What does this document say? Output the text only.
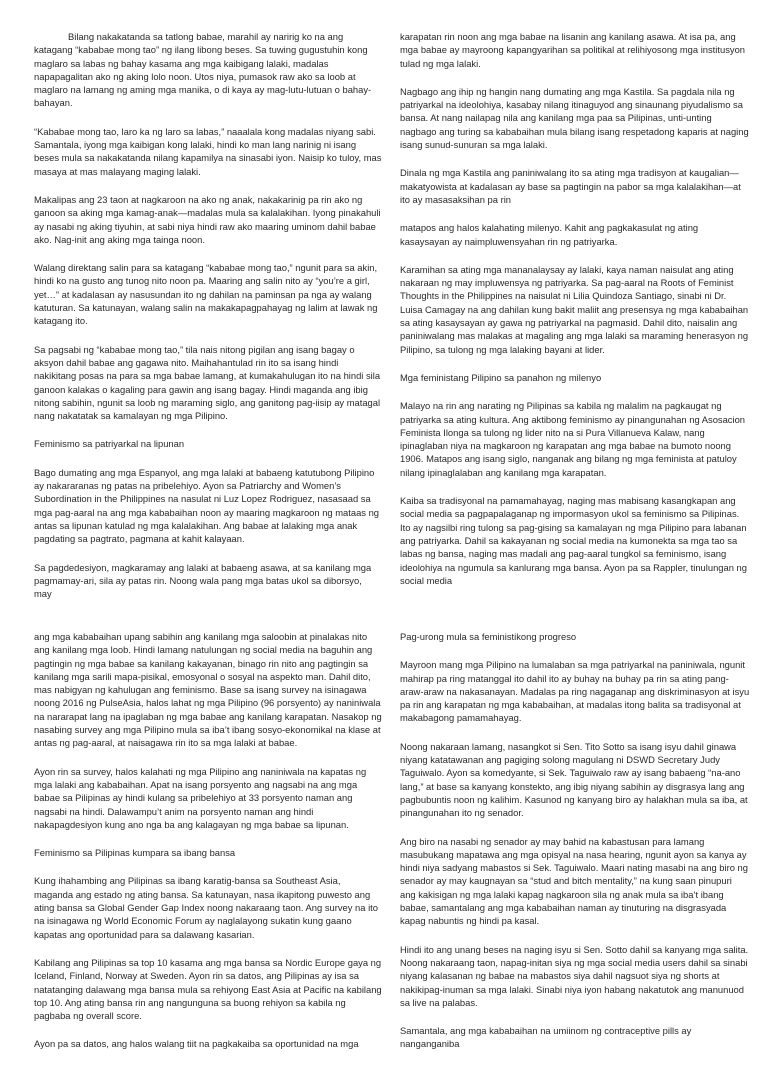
Bilang nakakatanda sa tatlong babae, marahil ay naririg ko na ang katagang “kababae mong tao” ng ilang libong beses. Sa tuwing gugustuhin kong maglaro sa labas ng bahay kasama ang mga kaibigang lalaki, madalas napapagalitan ako ng aking lolo noon. Utos niya, pumasok raw ako sa loob at maglaro na lamang ng aming mga manika, o di kaya ay mag-lutu-lutuan o bahay-bahayan.

“Kababae mong tao, laro ka ng laro sa labas,” naaalala kong madalas niyang sabi. Samantala, iyong mga kaibigan kong lalaki, hindi ko man lang narinig ni isang beses mula sa nakakatanda nilang kapamilya na sinasabi iyon. Naisip ko tuloy, mas masaya at mas malayang maging lalaki.

Makalipas ang 23 taon at nagkaroon na ako ng anak, nakakarinig pa rin ako ng ganoon sa aking mga kamag-anak—madalas mula sa kalalakihan. Iyong pinakahuli ay nasabi ng aking tiyuhin, at sabi niya hindi raw ako maaring uminom dahil babae ako. Nag-init ang aking mga tainga noon.

Walang direktang salin para sa katagang “kababae mong tao,” ngunit para sa akin, hindi ko na gusto ang tunog nito noon pa. Maaring ang salin nito ay “you’re a girl, yet…” at kadalasan ay nasusundan ito ng dahilan na paminsan pa nga ay walang katuturan. Sa katunayan, walang salin na makakapagpahayag ng lalim at lawak ng katagang ito.

Sa pagsabi ng “kababae mong tao,” tila nais nitong pigilan ang isang bagay o aksyon dahil babae ang gagawa nito. Maihahantulad rin ito sa isang hindi nakikitang posas na para sa mga babae lamang, at kumakahulugan ito na hindi sila ganoon kalakas o kagaling para gawin ang isang bagay. Hindi maganda ang ibig nitong sabihin, ngunit sa loob ng maraming siglo, ang ganitong pag-iisip ay matagal nang nakatatak sa kamalayan ng mga Pilipino.

Feminismo sa patriyarkal na lipunan

Bago dumating ang mga Espanyol, ang mga lalaki at babaeng katutubong Pilipino ay nakararanas ng patas na pribelehiyo. Ayon sa Patriarchy and Women’s Subordination in the Philippines na nasulat ni Luz Lopez Rodriguez, nasasaad sa mga pag-aaral na ang mga kababaihan noon ay maaring magkaroon ng mataas ng antas sa lipunan katulad ng mga kalalakihan. Ang babae at lalaking mga anak pagdating sa pagtrato, pagmana at kahit kalayaan.

Sa pagdedesiyon, magkaramay ang lalaki at babaeng asawa, at sa kanilang mga pagmamay-ari, sila ay patas rin. Noong wala pang mga batas ukol sa diborsyo, may

karapatan rin noon ang mga babae na lisanin ang kanilang asawa. At isa pa, ang mga babae ay mayroong kapangyarihan sa politikal at relihiyosong mga institusyon tulad ng mga lalaki.

Nagbago ang ihip ng hangin nang dumating ang mga Kastila. Sa pagdala nila ng patriyarkal na ideolohiya, kasabay nilang itinaguyod ang sinaunang piyudalismo sa bansa. At nang nailapag nila ang kanilang mga paa sa Pilipinas, unti-unting nagbago ang turing sa kababaihan mula bilang isang respetadong kaparis at naging isang sunud-sunuran sa mga lalaki.

Dinala ng mga Kastila ang paniniwalang ito sa ating mga tradisyon at kaugalian—makatyowista at kadalasan ay base sa pagtingin na pabor sa mga kalalakihan—at ito ay masasaksihan pa rin

matapos ang halos kalahating milenyo. Kahit ang pagkakasulat ng ating kasaysayan ay naimpluwensyahan rin ng patriyarka.

Karamihan sa ating mga mananalaysay ay lalaki, kaya naman naisulat ang ating nakaraan ng may impluwensya ng patriyarka. Sa pag-aaral na Roots of Feminist Thoughts in the Philippines na naisulat ni Lilia Quindoza Santiago, sinabi ni Dr. Luisa Camagay na ang dahilan kung bakit maliit ang presensya ng mga kababaihan sa ating kasaysayan ay gawa ng patriyarkal na pagmasid. Dahil dito, naisalin ang paniniwalang mas malakas at magaling ang mga lalaki sa maraming henerasyon ng Pilipino, sa tulong ng mga lalaking bayani at lider.

Mga feministang Pilipino sa panahon ng milenyo

Malayo na rin ang narating ng Pilipinas sa kabila ng malalim na pagkaugat ng patriyarka sa ating kultura. Ang aktibong feminismo ay pinangunahan ng Asosacion Feminista Ilonga sa tulong ng lider nito na si Pura Villanueva Kalaw, nang ipinaglaban niya na magkaroon ng karapatan ang mga babae na bumoto noong 1906. Matapos ang isang siglo, nanganak ang bilang ng mga feminista at patuloy nilang ipinaglalaban ang kanilang mga karapatan.

Kaiba sa tradisyonal na pamamahayag, naging mas mabisang kasangkapan ang social media sa pagpapalaganap ng impormasyon ukol sa feminismo sa Pilipinas. Ito ay nagsilbi ring tulong sa pag-gising sa kamalayan ng mga Pilipino para labanan ang patriyarka. Dahil sa kakayanan ng social media na kumonekta sa mga tao sa labas ng bansa, naging mas madali ang pag-aaral tungkol sa feminismo, isang ideolohiya na ngumula sa kanlurang mga bansa. Ayon pa sa Rappler, tinulungan ng social media

ang mga kababaihan upang sabihin ang kanilang mga saloobin at pinalakas nito ang kanilang mga loob. Hindi lamang natulungan ng social media na baguhin ang pagtingin ng mga babae sa kanilang kakayanan, binago rin nito ang pagtingin sa kanilang mga sarili mapa-pisikal, emosyonal o sosyal na aspekto man. Dahil dito, mas nabigyan ng kahulugan ang feminismo. Base sa isang survey na isinagawa noong 2016 ng PulseAsia, halos lahat ng mga Pilipino (96 porsyento) ay naniniwala na nararapat lang na ipaglaban ng mga babae ang kanilang karapatan. Nasakop ng nasabing survey ang mga Pilipino mula sa iba’t ibang sosyo-ekonomikal na klase at antas ng pag-aaral, at naisagawa rin ito sa mga lalaki at babae.

Ayon rin sa survey, halos kalahati ng mga Pilipino ang naniniwala na kapatas ng mga lalaki ang kababaihan. Apat na isang porsyento ang nagsabi na ang mga babae sa Pilipinas ay hindi kulang sa pribelehiyo at 33 porsyento naman ang nagsabi na hindi. Dalawampu’t anim na porsyento naman ang hindi nakapagdesiyon kung ano nga ba ang kalagayan ng mga babae sa lipunan.

Feminismo sa Pilipinas kumpara sa ibang bansa

Kung ihahambing ang Pilipinas sa ibang karatig-bansa sa Southeast Asia, maganda ang estado ng ating bansa. Sa katunayan, nasa ikapitong puwesto ang ating bansa sa Global Gender Gap Index noong nakaraang taon. Ang survey na ito na isinagawa ng World Economic Forum ay naglalayong sukatin kung gaano kapatas ang oportunidad para sa dalawang kasarian.

Kabilang ang Pilipinas sa top 10 kasama ang mga bansa sa Nordic Europe gaya ng Iceland, Finland, Norway at Sweden. Ayon rin sa datos, ang Pilipinas ay isa sa natatanging dalawang mga bansa mula sa rehiyong East Asia at Pacific na kabilang top 10. Ang ating bansa rin ang nangunguna sa buong rehiyon sa kabila ng pagbaba ng overall score.

Ayon pa sa datos, ang halos walang tiit na pagkakaiba sa oportunidad na mga

Pag-urong mula sa feministikong progreso

Mayroon mang mga Pilipino na lumalaban sa mga patriyarkal na paniniwala, ngunit mahirap pa ring matanggal ito dahil ito ay buhay na buhay pa rin sa ating pang-araw-araw na nakasanayan. Madalas pa ring nagaganap ang diskriminasyon at isyu pa rin ang karapatan ng mga kababaihan, at madalas itong balita sa tradisyonal at makabagong pamamahayag.

Noong nakaraan lamang, nasangkot si Sen. Tito Sotto sa isang isyu dahil ginawa niyang katatawanan ang pagiging solong magulang ni DSWD Secretary Judy Taguiwalo. Ayon sa komedyante, si Sek. Taguiwalo raw ay isang babaeng “na-ano lang,” at base sa kanyang konstekto, ang ibig niyang sabihin ay disgrasya lang ang pagbubuntis noon ng kalihim. Kasunod ng kanyang biro ay halakhan mula sa iba, at pinangunahan ito ng senador.

Ang biro na nasabi ng senador ay may bahid na kabastusan para lamang masubukang mapatawa ang mga opisyal na nasa hearing, ngunit ayon sa kanya ay hindi niya sadyang mabastos si Sek. Taguiwalo. Maari nating masabi na ang biro ng senador ay may kaugnayan sa “stud and bitch mentality,” na kung saan pinupuri ang kakisigan ng mga lalaki kapag nagkaroon sila ng anak mula sa iba’t ibang babae, samantalang ang mga kababaihan naman ay tinuturing na disgrasyada kapag nabuntis ng hindi pa kasal.

Hindi ito ang unang beses na naging isyu si Sen. Sotto dahil sa kanyang mga salita. Noong nakaraang taon, napag-initan siya ng mga social media users dahil sa sinabi niyang kalasanan ng babae na mabastos siya dahil nagsuot siya ng shorts at nakikipag-inuman sa mga lalaki. Sinabi niya iyon habang nakatutok ang manunuod sa live na palabas.

Samantala, ang mga kababaihan na umiinom ng contraceptive pills ay nanganganiba
